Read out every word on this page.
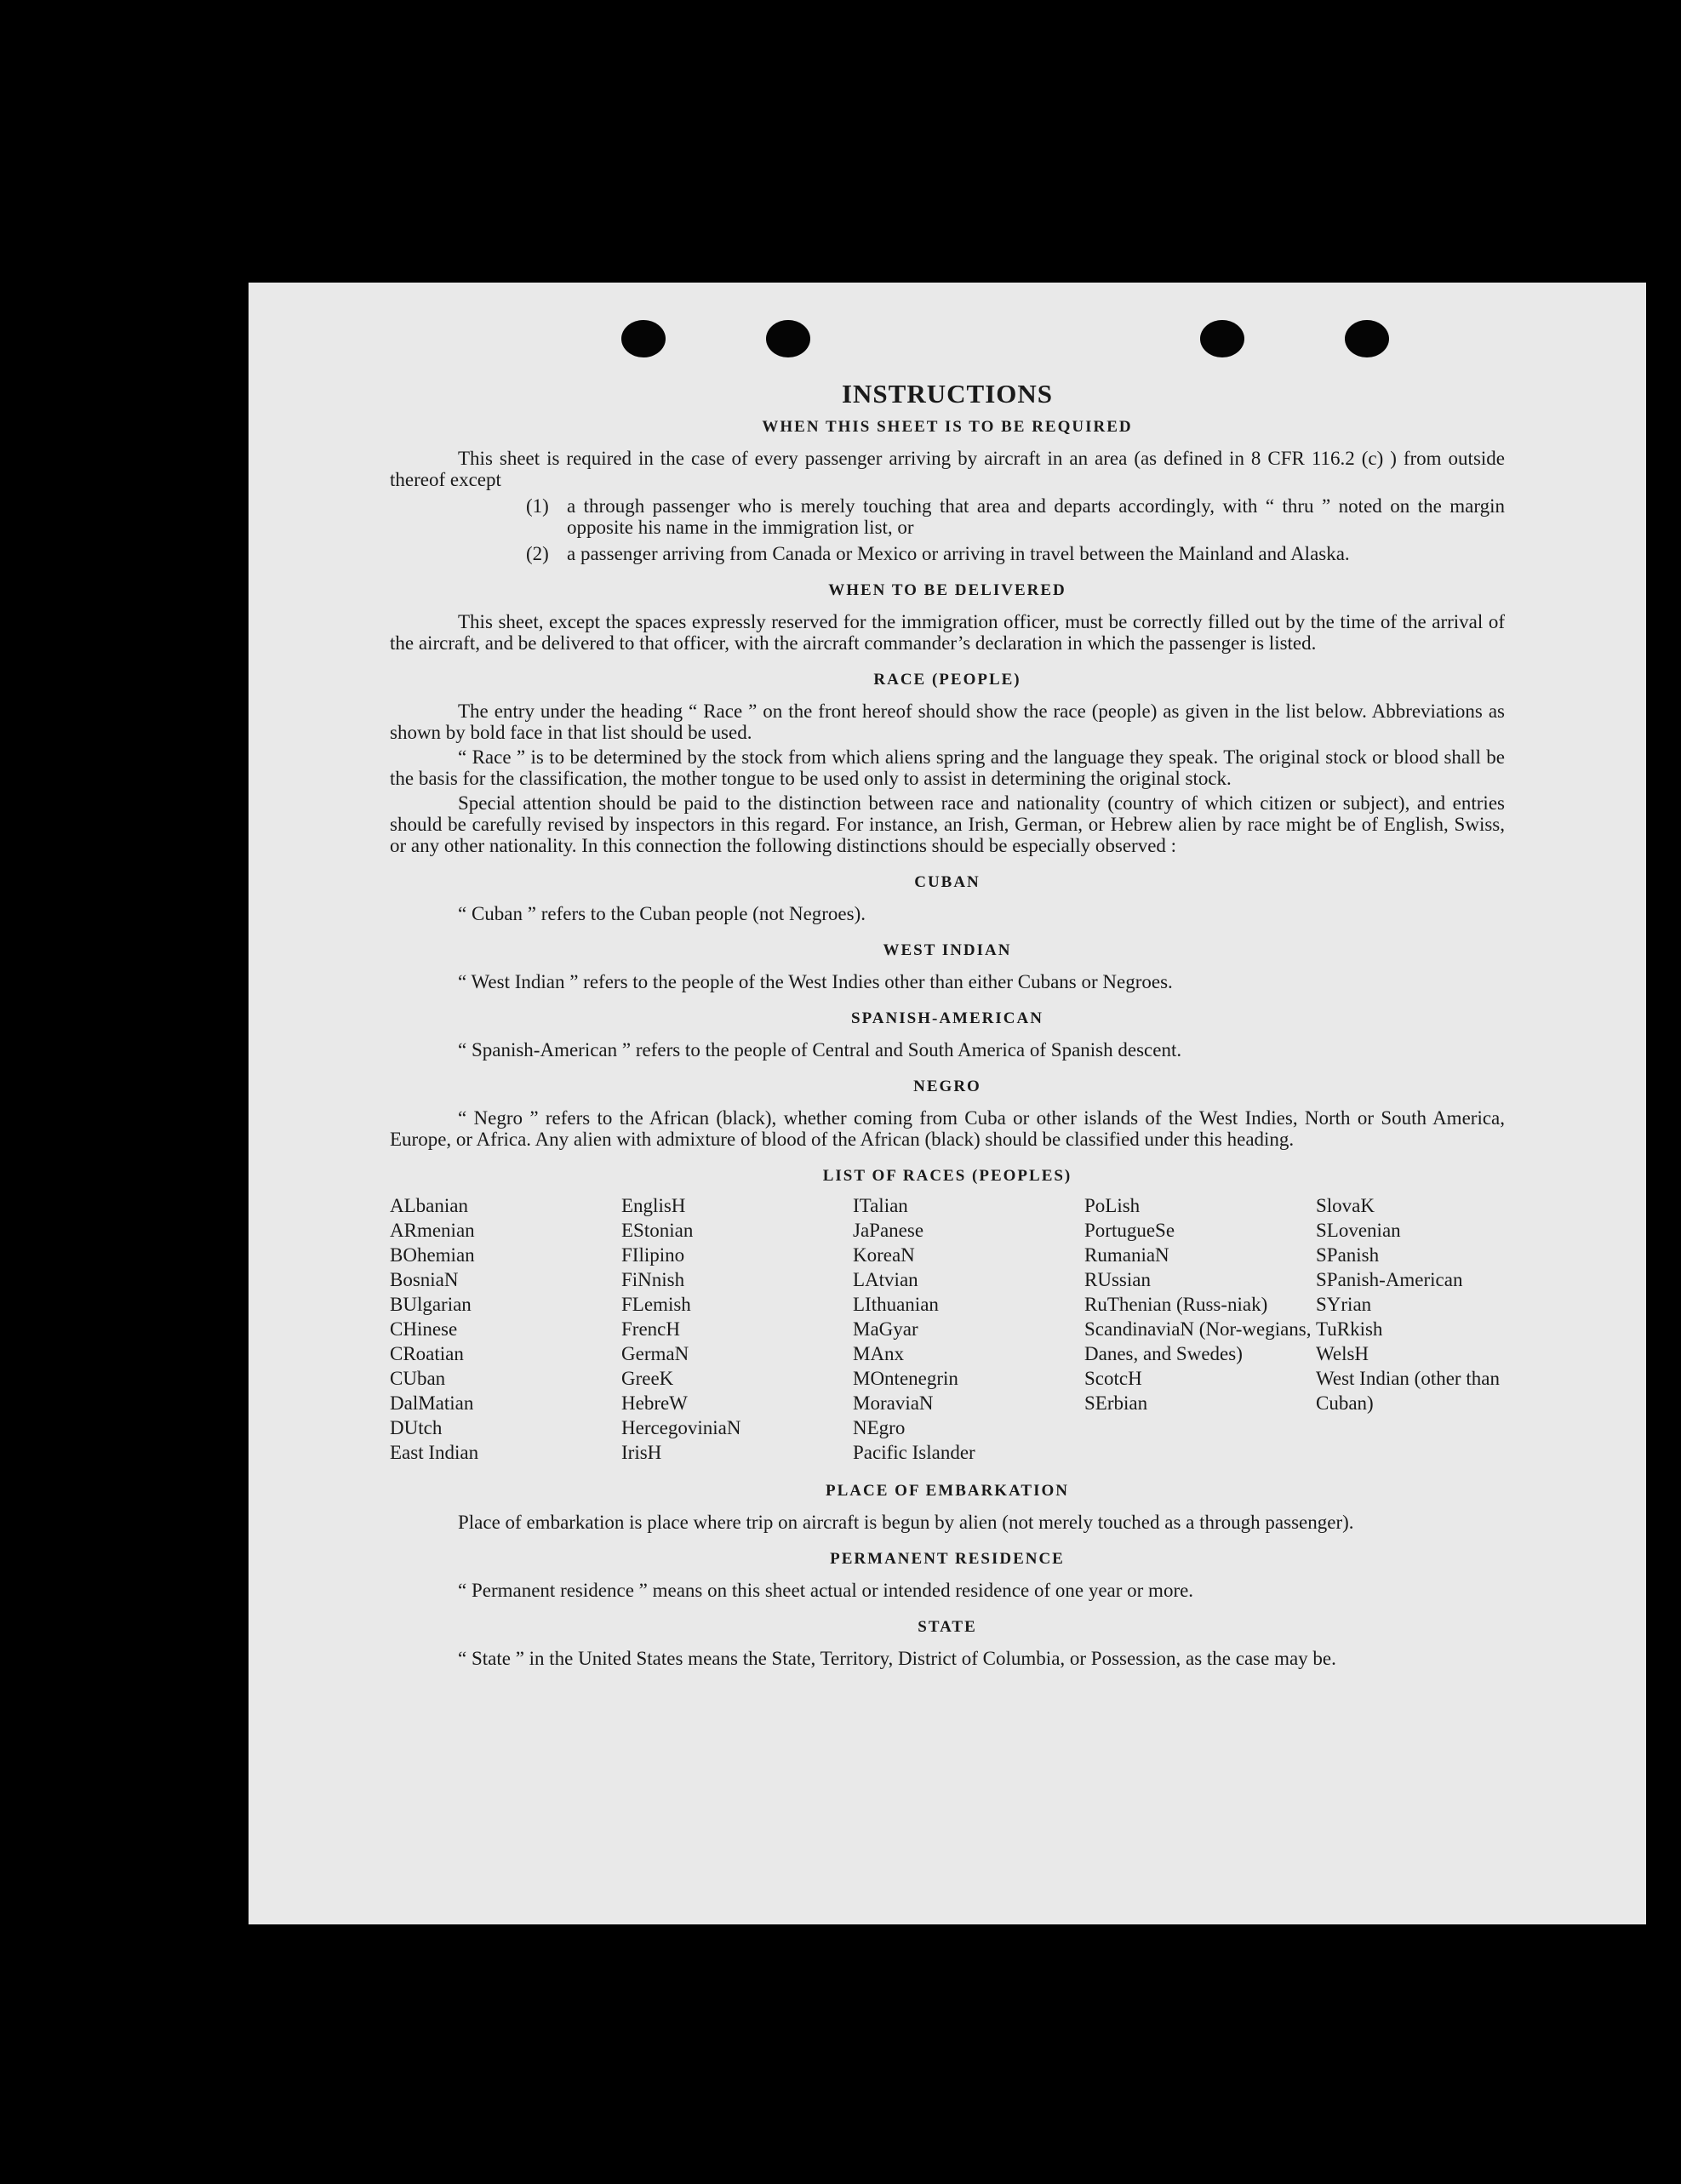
INSTRUCTIONS
WHEN THIS SHEET IS TO BE REQUIRED

This sheet is required in the case of every passenger arriving by aircraft in an area (as defined in 8 CFR 116.2 (c) ) from outside thereof except

(1) a through passenger who is merely touching that area and departs accordingly, with “ thru ” noted on the margin opposite his name in the immigration list, or
(2) a passenger arriving from Canada or Mexico or arriving in travel between the Mainland and Alaska.
WHEN TO BE DELIVERED

This sheet, except the spaces expressly reserved for the immigration officer, must be correctly filled out by the time of the arrival of the aircraft, and be delivered to that officer, with the aircraft commander’s declaration in which the passenger is listed.

RACE (PEOPLE)

The entry under the heading “ Race ” on the front hereof should show the race (people) as given in the list below. Abbreviations as shown by bold face in that list should be used.

“ Race ” is to be determined by the stock from which aliens spring and the language they speak. The original stock or blood shall be the basis for the classification, the mother tongue to be used only to assist in determining the original stock.

Special attention should be paid to the distinction between race and nationality (country of which citizen or subject), and entries should be carefully revised by inspectors in this regard. For instance, an Irish, German, or Hebrew alien by race might be of English, Swiss, or any other nationality. In this connection the following distinctions should be especially observed :

CUBAN

“ Cuban ” refers to the Cuban people (not Negroes).

WEST INDIAN

“ West Indian ” refers to the people of the West Indies other than either Cubans or Negroes.

SPANISH-AMERICAN

“ Spanish-American ” refers to the people of Central and South America of Spanish descent.

NEGRO

“ Negro ” refers to the African (black), whether coming from Cuba or other islands of the West Indies, North or South America, Europe, or Africa. Any alien with admixture of blood of the African (black) should be classified under this heading.

LIST OF RACES (PEOPLES)
ALbanian
ARmenian
BOhemian
BosniaN
BUlgarian
CHinese
CRoatian
CUban
DalMatian
DUtch
East Indian
EnglisH
EStonian
FIlipino
FiNnish
FLemish
FrencH
GermaN
GreeK
HebreW
HercegoviniaN
IrisH
ITalian
JaPanese
KoreaN
LAtvian
LIthuanian
MaGyar
MAnx
MOntenegrin
MoraviaN
NEgro
Pacific Islander
PoLish
PortugueSe
RumaniaN
RUssian
RuThenian (Russ-niak)
ScandinaviaN (Nor-wegians, Danes, and Swedes)
ScotcH
SErbian
SlovaK
SLovenian
SPanish
SPanish-American
SYrian
TuRkish
WelsH
West Indian (other than Cuban)
PLACE OF EMBARKATION

Place of embarkation is place where trip on aircraft is begun by alien (not merely touched as a through passenger).

PERMANENT RESIDENCE

“ Permanent residence ” means on this sheet actual or intended residence of one year or more.

STATE

“ State ” in the United States means the State, Territory, District of Columbia, or Possession, as the case may be.
